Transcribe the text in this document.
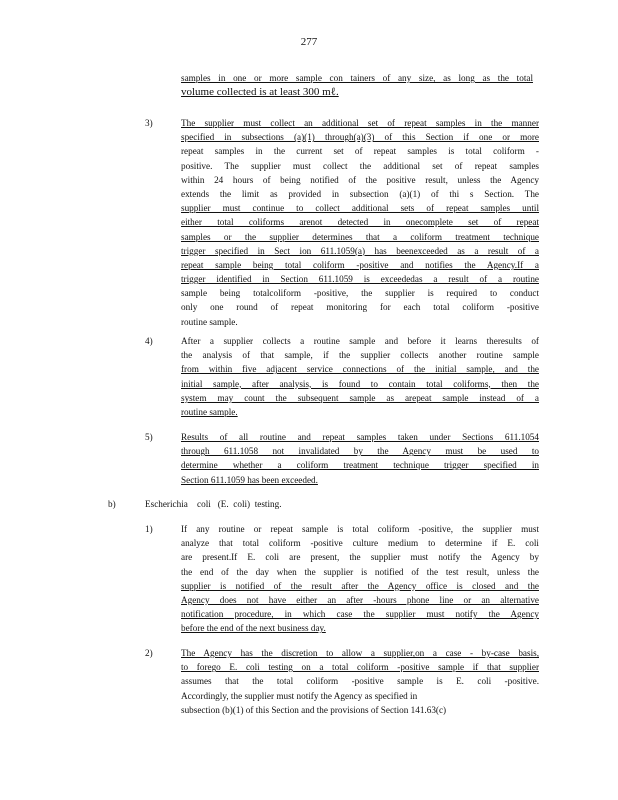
277
samples in one or more sample con tainers of any size, as long as the total
volume collected is at least 300 mℓ.
3)	The supplier must collect an additional set of repeat samples in the manner
specified in subsections (a)(1) through(a)(3) of this Section if one or more
repeat samples in the current set of repeat samples is total coliform -
positive. The supplier must collect the additional set of repeat samples
within 24 hours of being notified of the positive result, unless the Agency
extends the limit as provided in subsection (a)(1) of thi s Section. The
supplier must continue to collect additional sets of repeat samples until
either total coliforms arenot detected in onecomplete set of repeat
samples or the supplier determines that a coliform treatment technique
trigger specified in Sect ion 611.1059(a) has beenexceeded as a result of a
repeat sample being total coliform -positive and notifies the Agency.If a
trigger identified in Section 611.1059 is exceededas a result of a routine
sample being totalcoliform -positive, the supplier is required to conduct
only one round of repeat monitoring for each total coliform -positive
routine sample.
4)	After a supplier collects a routine sample and before it learns theresults of
the analysis of that sample, if the supplier collects another routine sample
from within five adjacent service connections of the initial sample, and the
initial sample, after analysis, is found to contain total coliforms, then the
system may count the subsequent sample as arepeat sample instead of a
routine sample.
5)	Results of all routine and repeat samples taken under Sections 611.1054
through 611.1058 not invalidated by the Agency must be used to
determine whether a coliform treatment technique trigger specified in
Section 611.1059 has been exceeded.
b)	Escherichia    coli   (E.  coli)  testing.
1)	If any routine or repeat sample is total coliform -positive, the supplier must
analyze that total coliform -positive culture medium to determine if E. coli
are present.If E. coli are present, the supplier must notify the Agency by
the end of the day when the supplier is notified of the test result, unless the
supplier is notified of the result after the Agency office is closed and the
Agency does not have either an after -hours phone line or an alternative
notification procedure, in which case the supplier must notify the Agency
before the end of the next business day.
2)	The Agency has the discretion to allow a supplier,on a case - by-case basis,
to forego E. coli testing on a total coliform -positive sample if that supplier
assumes that the total coliform -positive sample is E. coli -positive.
Accordingly, the supplier must notify the Agency as specified in
subsection (b)(1) of this Section and the provisions of Section 141.63(c)
